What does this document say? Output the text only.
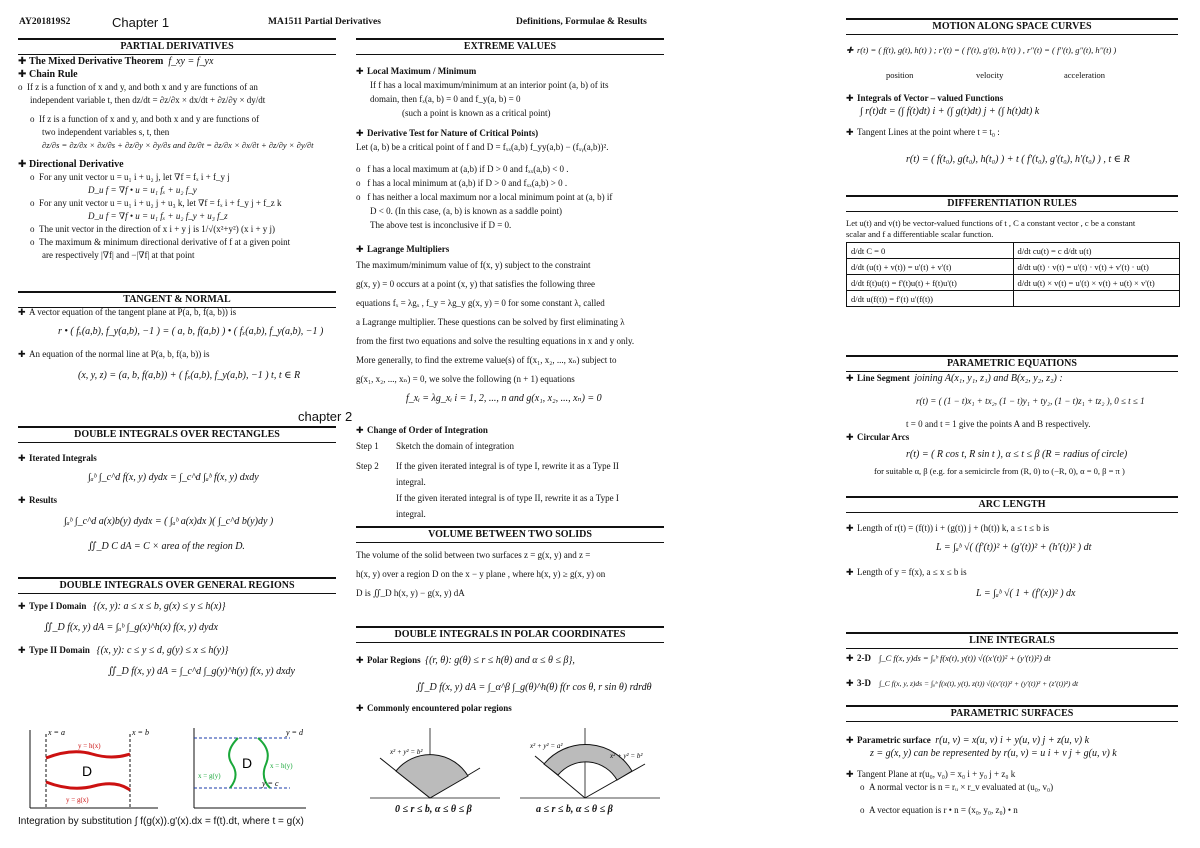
AY201819S2	Chapter 1	MA1511 Partial Derivatives	Definitions, Formulae & Results
PARTIAL DERIVATIVES
✚ The Mixed Derivative Theorem f_xy = f_yx
✚ Chain Rule
o  If z is a function of x and y, and both x and y are functions of an
independent variable t, then dz/dt = ∂z/∂x × dx/dt + ∂z/∂y × dy/dt
o  If z is a function of x and y, and both x and y are functions of
two independent variables s, t, then
∂z/∂s = ∂z/∂x × ∂x/∂s + ∂z/∂y × ∂y/∂s and ∂z/∂t = ∂z/∂x × ∂x/∂t + ∂z/∂y × ∂y/∂t
✚ Directional Derivative
o  For any unit vector u = u₁ i + u₂ j, let ∇f = fₓ i + f_y j
D_u f = ∇f • u = u₁ fₓ + u₂ f_y
o  For any unit vector u = u₁ i + u₂ j + u₃ k, let ∇f = fₓ i + f_y j + f_z k
D_u f = ∇f • u = u₁ fₓ + u₂ f_y + u₃ f_z
o  The unit vector in the direction of x i + y j is 1/√(x²+y²) (x i + y j)
o  The maximum & minimum directional derivative of f at a given point
are respectively |∇f| and −|∇f| at that point
TANGENT & NORMAL
✚ A vector equation of the tangent plane at P(a, b, f(a, b)) is
r • ( fₓ(a,b), f_y(a,b), −1 ) = ( a, b, f(a,b) ) • ( fₓ(a,b), f_y(a,b), −1 )
✚ An equation of the normal line at P(a, b, f(a, b)) is
(x, y, z) = (a, b, f(a,b)) + ( fₓ(a,b), f_y(a,b), −1 ) t, t ∈ R
chapter 2
DOUBLE INTEGRALS OVER RECTANGLES
✚ Iterated Integrals
∫ₐᵇ ∫_c^d f(x, y) dydx = ∫_c^d ∫ₐᵇ f(x, y) dxdy
✚ Results
∫ₐᵇ ∫_c^d a(x)b(y) dydx = ( ∫ₐᵇ a(x)dx )( ∫_c^d b(y)dy )
∬_D C dA = C × area of the region D.
DOUBLE INTEGRALS OVER GENERAL REGIONS
✚ Type I Domain {(x, y): a ≤ x ≤ b, g(x) ≤ y ≤ h(x)}
∬_D f(x, y) dA = ∫ₐᵇ ∫_g(x)^h(x) f(x, y) dydx
✚ Type II Domain {(x, y): c ≤ y ≤ d, g(y) ≤ x ≤ h(y)}
∬_D f(x, y) dA = ∫_c^d ∫_g(y)^h(y) f(x, y) dxdy
D
x = a	x = b
y = h(x)
y = g(x)
D
y = d
y = c
x = g(y)
x = h(y)
Integration by substitution ∫ f(g(x)).g'(x).dx = f(t).dt, where t = g(x)
EXTREME VALUES
✚ Local Maximum / Minimum
If f has a local maximum/minimum at an interior point (a, b) of its
domain, then fₓ(a, b) = 0 and f_y(a, b) = 0
(such a point is known as a critical point)
✚ Derivative Test for Nature of Critical Points)
Let (a, b) be a critical point of f and D = fₓₓ(a,b) f_yy(a,b) − (fₓᵧ(a,b))².
o   f has a local maximum at (a,b) if D > 0 and fₓₓ(a,b) < 0 .
o   f has a local minimum at (a,b) if D > 0 and fₓₓ(a,b) > 0 .
o   f has neither a local maximum nor a local minimum point at (a, b) if
D < 0. (In this case, (a, b) is known as a saddle point)
The above test is inconclusive if D = 0.
✚ Lagrange Multipliers
The maximum/minimum value of f(x, y) subject to the constraint
g(x, y) = 0 occurs at a point (x, y) that satisfies the following three
equations fₓ = λgₓ , f_y = λg_y g(x, y) = 0 for some constant λ, called
a Lagrange multiplier. These questions can be solved by first eliminating λ
from the first two equations and solve the resulting equations in x and y only.
More generally, to find the extreme value(s) of f(x₁, x₂, ..., xₙ) subject to
g(x₁, x₂, ..., xₙ) = 0, we solve the following (n + 1) equations
f_xᵢ = λg_xᵢ i = 1, 2, ..., n and g(x₁, x₂, ..., xₙ) = 0
✚ Change of Order of Integration
Step 1 Sketch the domain of integration
Step 2 If the given iterated integral is of type I, rewrite it as a Type II
integral.
If the given iterated integral is of type II, rewrite it as a Type I
integral.
VOLUME BETWEEN TWO SOLIDS
The volume of the solid between two surfaces z = g(x, y) and z =
h(x, y) over a region D on the x − y plane , where h(x, y) ≥ g(x, y) on
D is ∬_D h(x, y) − g(x, y) dA
DOUBLE INTEGRALS IN POLAR COORDINATES
✚ Polar Regions {(r, θ): g(θ) ≤ r ≤ h(θ) and α ≤ θ ≤ β},
∬_D f(x, y) dA = ∫_α^β ∫_g(θ)^h(θ) f(r cos θ, r sin θ) rdrdθ
✚ Commonly encountered polar regions
x² + y² = b²
x² + y² = a²
x² + y² = b²
0 ≤ r ≤ b, α ≤ θ ≤ β	a ≤ r ≤ b, α ≤ θ ≤ β
MOTION ALONG SPACE CURVES
✚ r(t) = ( f(t), g(t), h(t) ) ; r'(t) = ( f'(t), g'(t), h'(t) ) , r''(t) = ( f''(t), g''(t), h''(t) )
position	velocity	acceleration
✚ Integrals of Vector – valued Functions
∫ r(t)dt = (∫ f(t)dt) i + (∫ g(t)dt) j + (∫ h(t)dt) k
✚ Tangent Lines at the point where t = t₀ :
r(t) = ( f(t₀), g(t₀), h(t₀) ) + t ( f'(t₀), g'(t₀), h'(t₀) ) , t ∈ R
DIFFERENTIATION RULES
Let u(t) and v(t) be vector-valued functions of t , C a constant vector , c be a constant
scalar and f a differentiable scalar function.
d/dt C = 0	d/dt cu(t) = c d/dt u(t)
d/dt (u(t) + v(t)) = u'(t) + v'(t)	d/dt u(t) · v(t) = u'(t) · v(t) + v'(t) · u(t)
d/dt f(t)u(t) = f'(t)u(t) + f(t)u'(t)	d/dt u(t) × v(t) = u'(t) × v(t) + u(t) × v'(t)
d/dt u(f(t)) = f'(t) u'(f(t))	
PARAMETRIC EQUATIONS
✚ Line Segment joining A(x₁, y₁, z₁) and B(x₂, y₂, z₂) :
r(t) = ( (1 − t)x₁ + tx₂, (1 − t)y₁ + ty₂, (1 − t)z₁ + tz₂ ), 0 ≤ t ≤ 1
t = 0 and t = 1 give the points A and B respectively.
✚ Circular Arcs
r(t) = ( R cos t, R sin t ), α ≤ t ≤ β (R = radius of circle)
for suitable α, β (e.g. for a semicircle from (R, 0) to (−R, 0), α = 0, β = π )
ARC LENGTH
✚ Length of r(t) = (f(t)) i + (g(t)) j + (h(t)) k, a ≤ t ≤ b is
L = ∫ₐᵇ √( (f'(t))² + (g'(t))² + (h'(t))² ) dt
✚ Length of y = f(x), a ≤ x ≤ b is
L = ∫ₐᵇ √( 1 + (f'(x))² ) dx
LINE INTEGRALS
✚ 2-D ∫_C f(x, y)ds = ∫ₐᵇ f(x(t), y(t)) √((x'(t))² + (y'(t))²) dt
✚ 3-D ∫_C f(x, y, z)ds = ∫ₐᵇ f(x(t), y(t), z(t)) √((x'(t))² + (y'(t))² + (z'(t))²) dt
PARAMETRIC SURFACES
✚ Parametric surface r(u, v) = x(u, v) i + y(u, v) j + z(u, v) k
z = g(x, y) can be represented by r(u, v) = u i + v j + g(u, v) k
✚ Tangent Plane at r(u₀, v₀) = x₀ i + y₀ j + z₀ k
o  A normal vector is n = rᵤ × r_v evaluated at (u₀, v₀)
o  A vector equation is r • n = (x₀, y₀, z₀) • n
